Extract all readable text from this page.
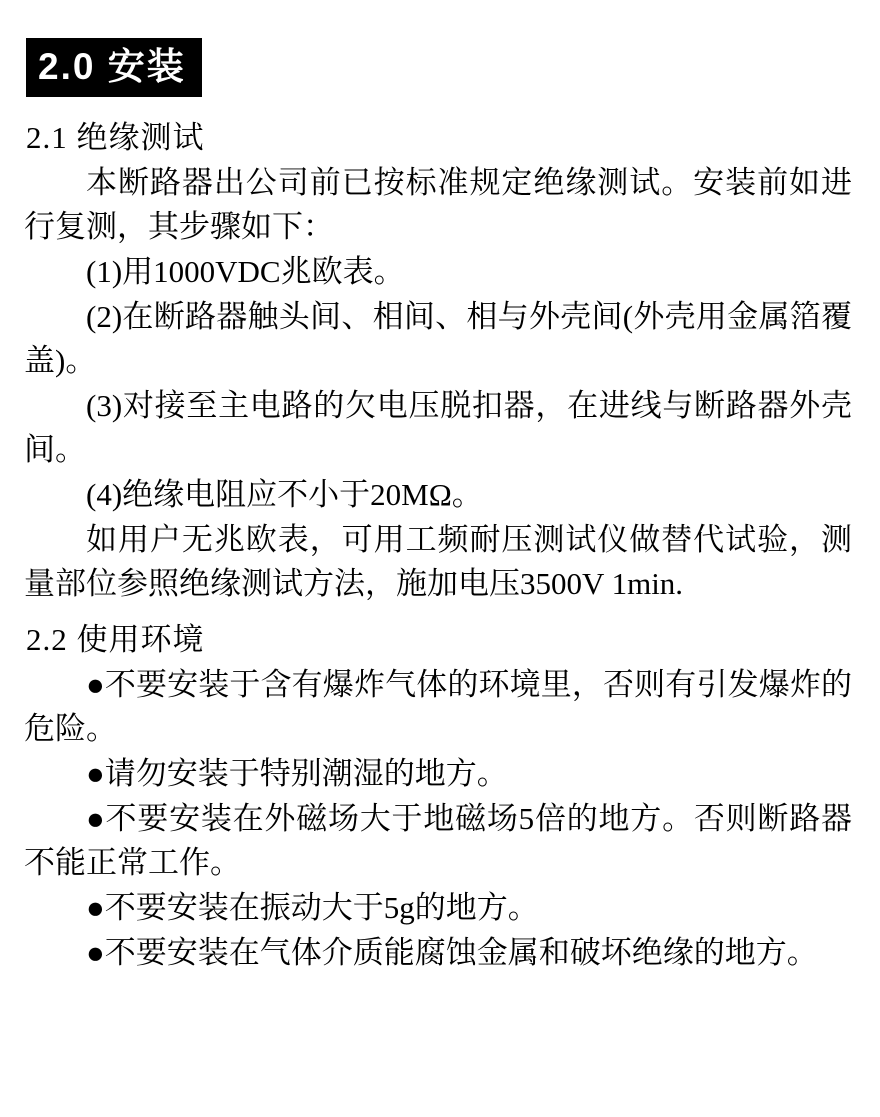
2.0 安装
2.1 绝缘测试

本断路器出公司前已按标准规定绝缘测试。安装前如进行复测，其步骤如下：

(1)用1000VDC兆欧表。

(2)在断路器触头间、相间、相与外壳间(外壳用金属箔覆盖)。

(3)对接至主电路的欠电压脱扣器，在进线与断路器外壳间。

(4)绝缘电阻应不小于20MΩ。

如用户无兆欧表，可用工频耐压测试仪做替代试验，测量部位参照绝缘测试方法，施加电压3500V 1min.

2.2 使用环境

●不要安装于含有爆炸气体的环境里，否则有引发爆炸的危险。

●请勿安装于特别潮湿的地方。

●不要安装在外磁场大于地磁场5倍的地方。否则断路器不能正常工作。

●不要安装在振动大于5g的地方。

●不要安装在气体介质能腐蚀金属和破坏绝缘的地方。
